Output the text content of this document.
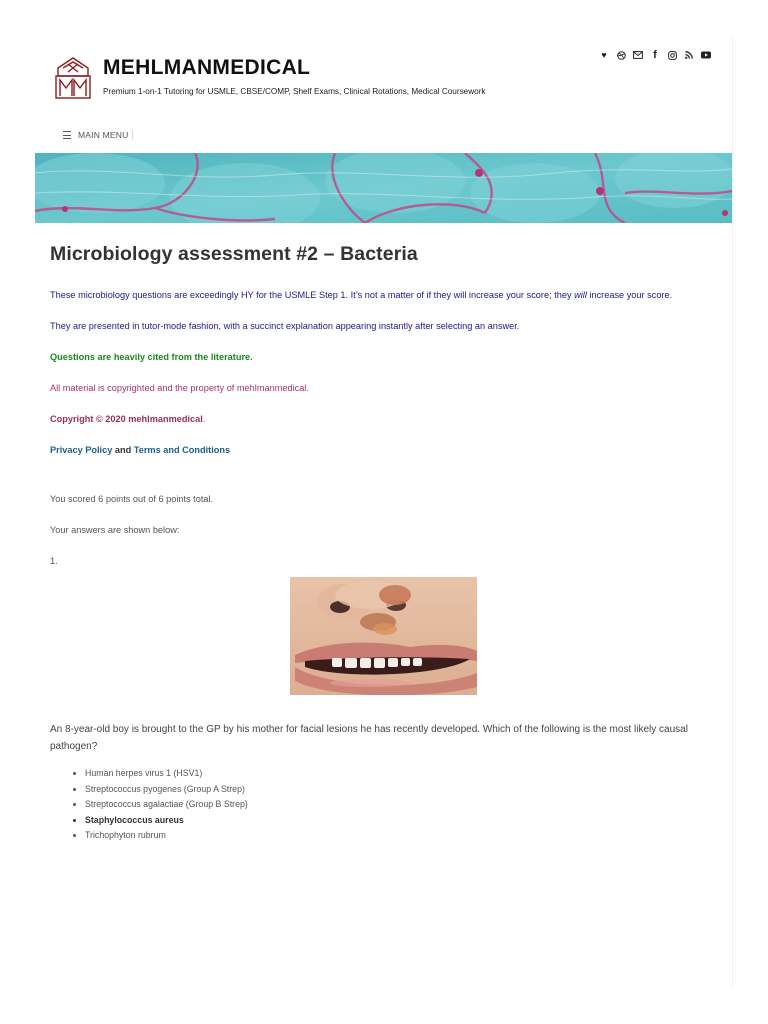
MEHLMANMEDICAL
Premium 1-on-1 Tutoring for USMLE, CBSE/COMP, Shelf Exams, Clinical Rotations, Medical Coursework
♥	f
MAIN MENU
Microbiology assessment #2 – Bacteria

These microbiology questions are exceedingly HY for the USMLE Step 1. It’s not a matter of if they will increase your score; they will increase your score.

They are presented in tutor-mode fashion, with a succinct explanation appearing instantly after selecting an answer.

Questions are heavily cited from the literature.

All material is copyrighted and the property of mehlmanmedical.

Copyright © 2020 mehlmanmedical.

Privacy Policy and Terms and Conditions

You scored 6 points out of 6 points total.

Your answers are shown below:

1.

An 8-year-old boy is brought to the GP by his mother for facial lesions he has recently developed. Which of the following is the most likely causal pathogen?

• Human herpes virus 1 (HSV1)
• Streptococcus pyogenes (Group A Strep)
• Streptococcus agalactiae (Group B Strep)
• Staphylococcus aureus
• Trichophyton rubrum
